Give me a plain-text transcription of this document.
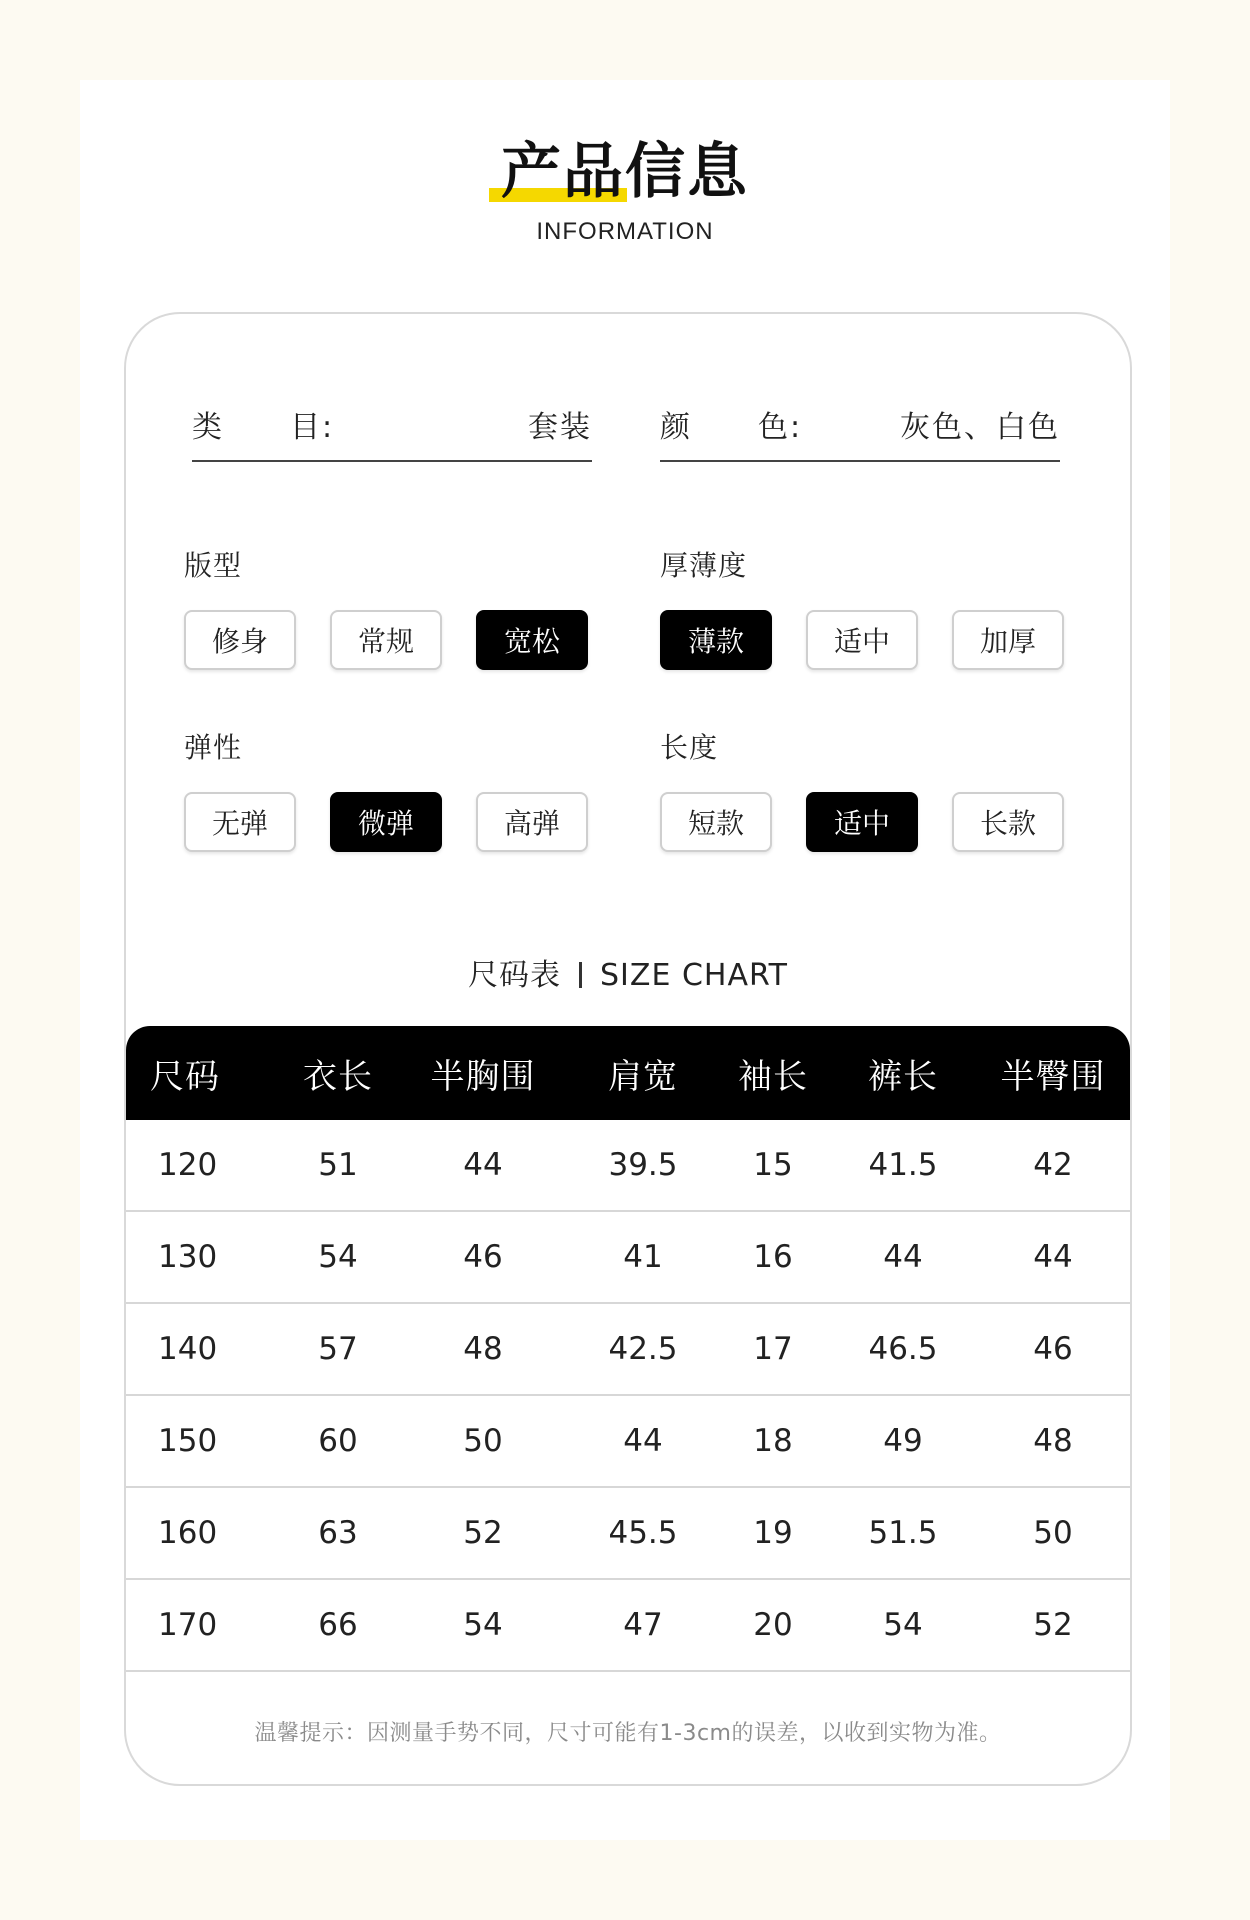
产品信息
INFORMATION
类 目:	套装 颜 色:	灰色、白色
版型
修身	常规	宽松
厚薄度
薄款	适中	加厚
弹性
无弹	微弹	高弹
长度
短款	适中	长款
尺码表 SIZE CHART
尺码	衣长	半胸围	肩宽	袖长	裤长	半臀围
120	51	44	39.5	15	41.5	42
130	54	46	41	16	44	44
140	57	48	42.5	17	46.5	46
150	60	50	44	18	49	48
160	63	52	45.5	19	51.5	50
170	66	54	47	20	54	52
温馨提示：因测量手势不同，尺寸可能有1-3cm的误差，以收到实物为准。
